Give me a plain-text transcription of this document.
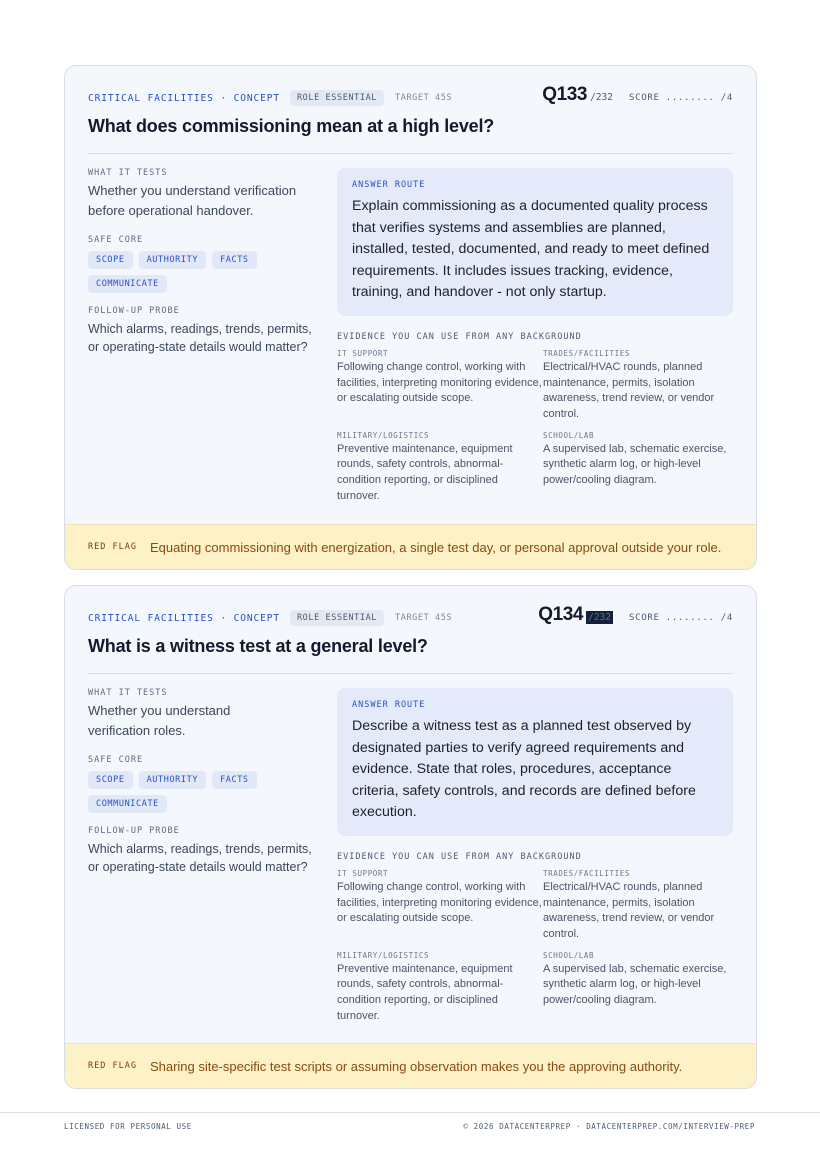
CRITICAL FACILITIES · CONCEPT	ROLE ESSENTIAL	TARGET 45S	Q133 /232 SCORE ........ /4
What does commissioning mean at a high level?
WHAT IT TESTS
Whether you understand verification before operational handover.
SAFE CORE
SCOPE	AUTHORITY	FACTS
COMMUNICATE
FOLLOW-UP PROBE
Which alarms, readings, trends, permits, or operating-state details would matter?
ANSWER ROUTE
Explain commissioning as a documented quality process that verifies systems and assemblies are planned, installed, tested, documented, and ready to meet defined requirements. It includes issues tracking, evidence, training, and handover - not only startup.
EVIDENCE YOU CAN USE FROM ANY BACKGROUND
IT SUPPORT
Following change control, working with facilities, interpreting monitoring evidence, or escalating outside scope.
TRADES/FACILITIES
Electrical/HVAC rounds, planned maintenance, permits, isolation awareness, trend review, or vendor control.
MILITARY/LOGISTICS
Preventive maintenance, equipment rounds, safety controls, abnormal-condition reporting, or disciplined turnover.
SCHOOL/LAB
A supervised lab, schematic exercise, synthetic alarm log, or high-level power/cooling diagram.
RED FLAG Equating commissioning with energization, a single test day, or personal approval outside your role.
CRITICAL FACILITIES · CONCEPT	ROLE ESSENTIAL	TARGET 45S	Q134 /232 SCORE ........ /4
What is a witness test at a general level?
WHAT IT TESTS
Whether you understand verification roles.
SAFE CORE
SCOPE	AUTHORITY	FACTS
COMMUNICATE
FOLLOW-UP PROBE
Which alarms, readings, trends, permits, or operating-state details would matter?
ANSWER ROUTE
Describe a witness test as a planned test observed by designated parties to verify agreed requirements and evidence. State that roles, procedures, acceptance criteria, safety controls, and records are defined before execution.
EVIDENCE YOU CAN USE FROM ANY BACKGROUND
IT SUPPORT
Following change control, working with facilities, interpreting monitoring evidence, or escalating outside scope.
TRADES/FACILITIES
Electrical/HVAC rounds, planned maintenance, permits, isolation awareness, trend review, or vendor control.
MILITARY/LOGISTICS
Preventive maintenance, equipment rounds, safety controls, abnormal-condition reporting, or disciplined turnover.
SCHOOL/LAB
A supervised lab, schematic exercise, synthetic alarm log, or high-level power/cooling diagram.
RED FLAG Sharing site-specific test scripts or assuming observation makes you the approving authority.
LICENSED FOR PERSONAL USE	© 2026 DATACENTERPREP · DATACENTERPREP.COM/INTERVIEW-PREP
